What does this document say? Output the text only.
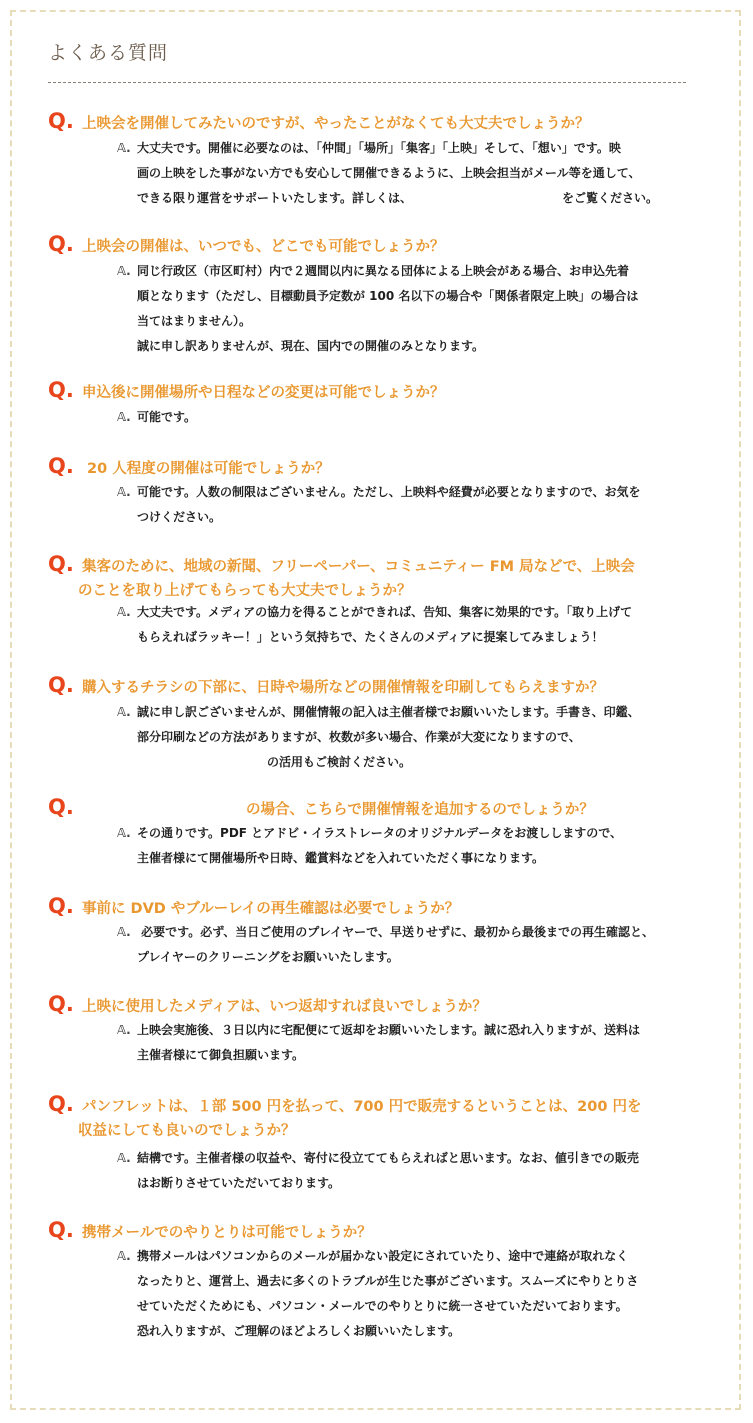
よくある質問
Q. 上映会を開催してみたいのですが、やったことがなくても大丈夫でしょうか？
𝔸. 大丈夫です。開催に必要なのは、「仲間」「場所」「集客」「上映」そして、「想い」です。映
画の上映をした事がない方でも安心して開催できるように、上映会担当がメール等を通して、
できる限り運営をサポートいたします。詳しくは、	をご覧ください。
Q. 上映会の開催は、いつでも、どこでも可能でしょうか？
𝔸. 同じ行政区（市区町村）内で２週間以内に異なる団体による上映会がある場合、お申込先着
順となります（ただし、目標動員予定数が 100 名以下の場合や「関係者限定上映」の場合は
当てはまりません）。
誠に申し訳ありませんが、現在、国内での開催のみとなります。
Q. 申込後に開催場所や日程などの変更は可能でしょうか？
𝔸. 可能です。
Q. 20 人程度の開催は可能でしょうか？
𝔸. 可能です。人数の制限はございません。ただし、上映料や経費が必要となりますので、お気を
つけください。
Q. 集客のために、地域の新聞、フリーペーパー、コミュニティー FM 局などで、上映会
のことを取り上げてもらっても大丈夫でしょうか？
𝔸. 大丈夫です。メディアの協力を得ることができれば、告知、集客に効果的です。「取り上げて
もらえればラッキー！」という気持ちで、たくさんのメディアに提案してみましょう！
Q. 購入するチラシの下部に、日時や場所などの開催情報を印刷してもらえますか？
𝔸. 誠に申し訳ございませんが、開催情報の記入は主催者様でお願いいたします。手書き、印鑑、
部分印刷などの方法がありますが、枚数が多い場合、作業が大変になりますので、
の活用もご検討ください。
Q.	の場合、こちらで開催情報を追加するのでしょうか？
𝔸. その通りです。PDF とアドビ・イラストレータのオリジナルデータをお渡ししますので、
主催者様にて開催場所や日時、鑑賞料などを入れていただく事になります。
Q. 事前に DVD やブルーレイの再生確認は必要でしょうか？
𝔸. 必要です。必ず、当日ご使用のプレイヤーで、早送りせずに、最初から最後までの再生確認と、
プレイヤーのクリーニングをお願いいたします。
Q. 上映に使用したメディアは、いつ返却すれば良いでしょうか？
𝔸. 上映会実施後、３日以内に宅配便にて返却をお願いいたします。誠に恐れ入りますが、送料は
主催者様にて御負担願います。
Q. パンフレットは、１部 500 円を払って、700 円で販売するということは、200 円を
収益にしても良いのでしょうか？
𝔸. 結構です。主催者様の収益や、寄付に役立ててもらえればと思います。なお、値引きでの販売
はお断りさせていただいております。
Q. 携帯メールでのやりとりは可能でしょうか？
𝔸. 携帯メールはパソコンからのメールが届かない設定にされていたり、途中で連絡が取れなく
なったりと、運営上、過去に多くのトラブルが生じた事がございます。スムーズにやりとりさ
せていただくためにも、パソコン・メールでのやりとりに統一させていただいております。
恐れ入りますが、ご理解のほどよろしくお願いいたします。
